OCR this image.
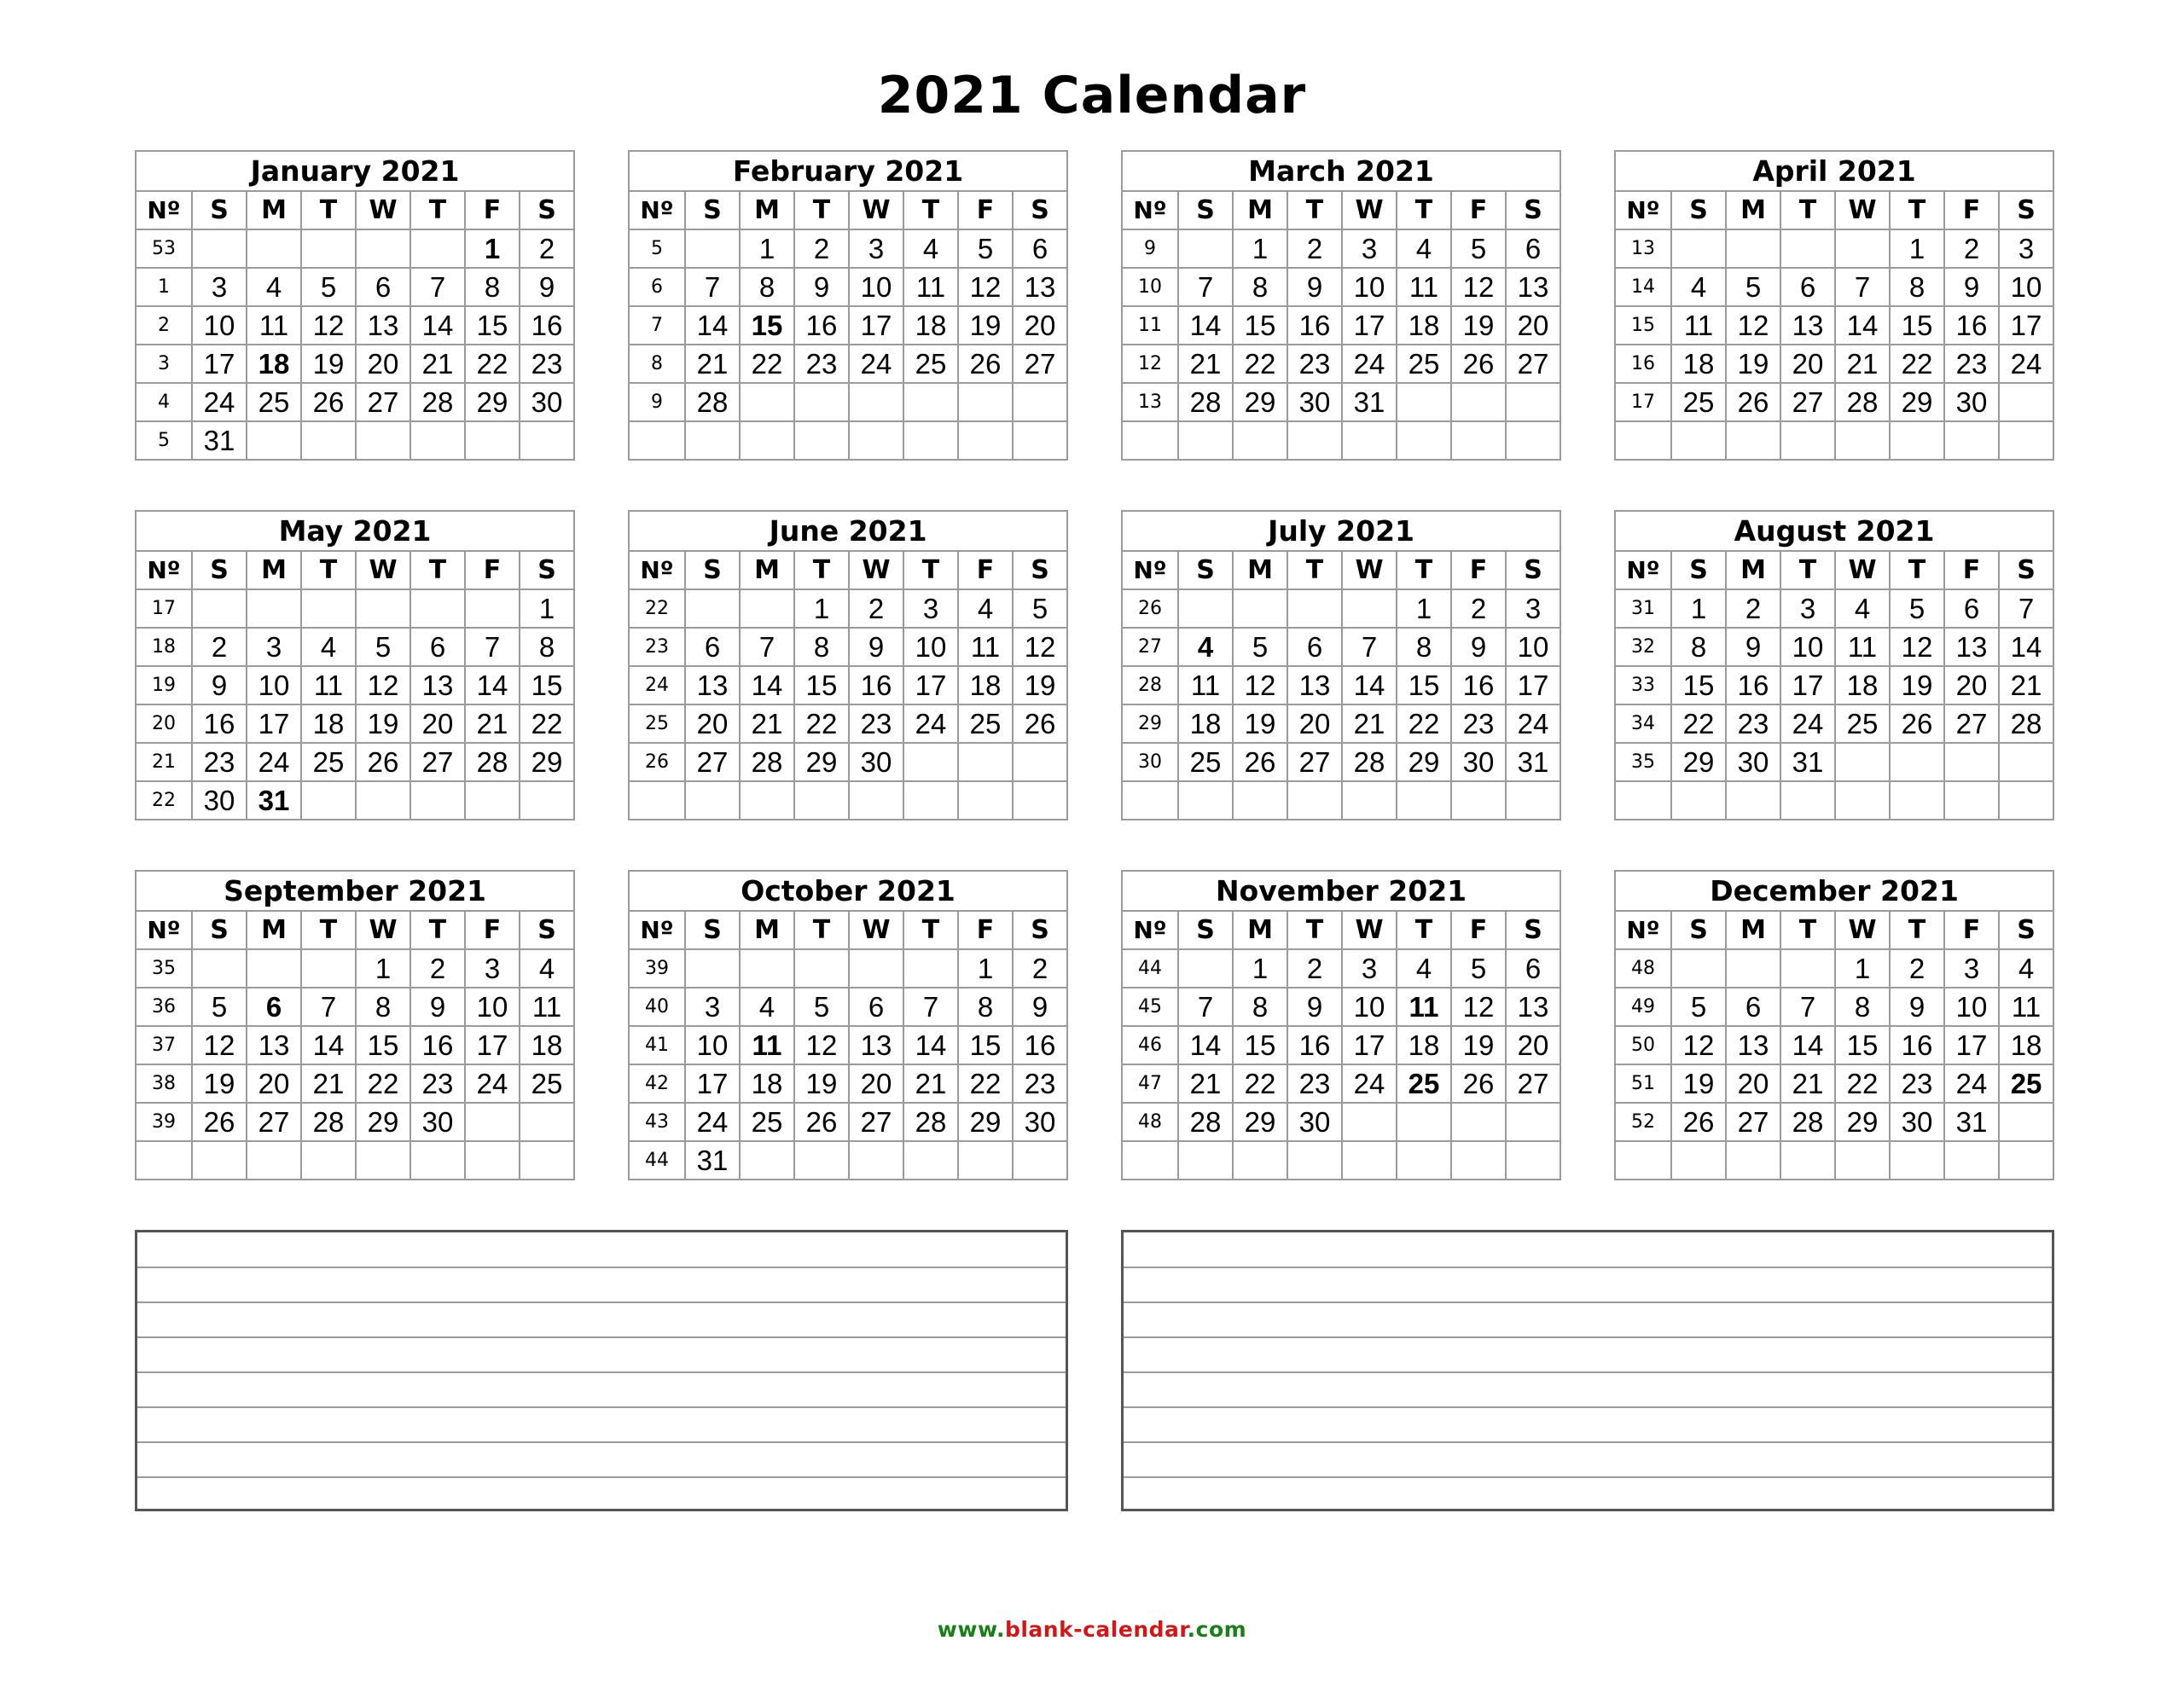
2021 Calendar
January 2021							
Nº	S	M	T	W	T	F	S
53						1	2
1	3	4	5	6	7	8	9
2	10	11	12	13	14	15	16
3	17	18	19	20	21	22	23
4	24	25	26	27	28	29	30
5	31						
February 2021							
Nº	S	M	T	W	T	F	S
5		1	2	3	4	5	6
6	7	8	9	10	11	12	13
7	14	15	16	17	18	19	20
8	21	22	23	24	25	26	27
9	28						

March 2021							
Nº	S	M	T	W	T	F	S
9		1	2	3	4	5	6
10	7	8	9	10	11	12	13
11	14	15	16	17	18	19	20
12	21	22	23	24	25	26	27
13	28	29	30	31			

April 2021							
Nº	S	M	T	W	T	F	S
13					1	2	3
14	4	5	6	7	8	9	10
15	11	12	13	14	15	16	17
16	18	19	20	21	22	23	24
17	25	26	27	28	29	30	

May 2021							
Nº	S	M	T	W	T	F	S
17							1
18	2	3	4	5	6	7	8
19	9	10	11	12	13	14	15
20	16	17	18	19	20	21	22
21	23	24	25	26	27	28	29
22	30	31					
June 2021							
Nº	S	M	T	W	T	F	S
22			1	2	3	4	5
23	6	7	8	9	10	11	12
24	13	14	15	16	17	18	19
25	20	21	22	23	24	25	26
26	27	28	29	30			

July 2021							
Nº	S	M	T	W	T	F	S
26					1	2	3
27	4	5	6	7	8	9	10
28	11	12	13	14	15	16	17
29	18	19	20	21	22	23	24
30	25	26	27	28	29	30	31

August 2021							
Nº	S	M	T	W	T	F	S
31	1	2	3	4	5	6	7
32	8	9	10	11	12	13	14
33	15	16	17	18	19	20	21
34	22	23	24	25	26	27	28
35	29	30	31				

September 2021							
Nº	S	M	T	W	T	F	S
35				1	2	3	4
36	5	6	7	8	9	10	11
37	12	13	14	15	16	17	18
38	19	20	21	22	23	24	25
39	26	27	28	29	30		

October 2021							
Nº	S	M	T	W	T	F	S
39						1	2
40	3	4	5	6	7	8	9
41	10	11	12	13	14	15	16
42	17	18	19	20	21	22	23
43	24	25	26	27	28	29	30
44	31						
November 2021							
Nº	S	M	T	W	T	F	S
44		1	2	3	4	5	6
45	7	8	9	10	11	12	13
46	14	15	16	17	18	19	20
47	21	22	23	24	25	26	27
48	28	29	30				

December 2021							
Nº	S	M	T	W	T	F	S
48				1	2	3	4
49	5	6	7	8	9	10	11
50	12	13	14	15	16	17	18
51	19	20	21	22	23	24	25
52	26	27	28	29	30	31	

www.blank-calendar.com
